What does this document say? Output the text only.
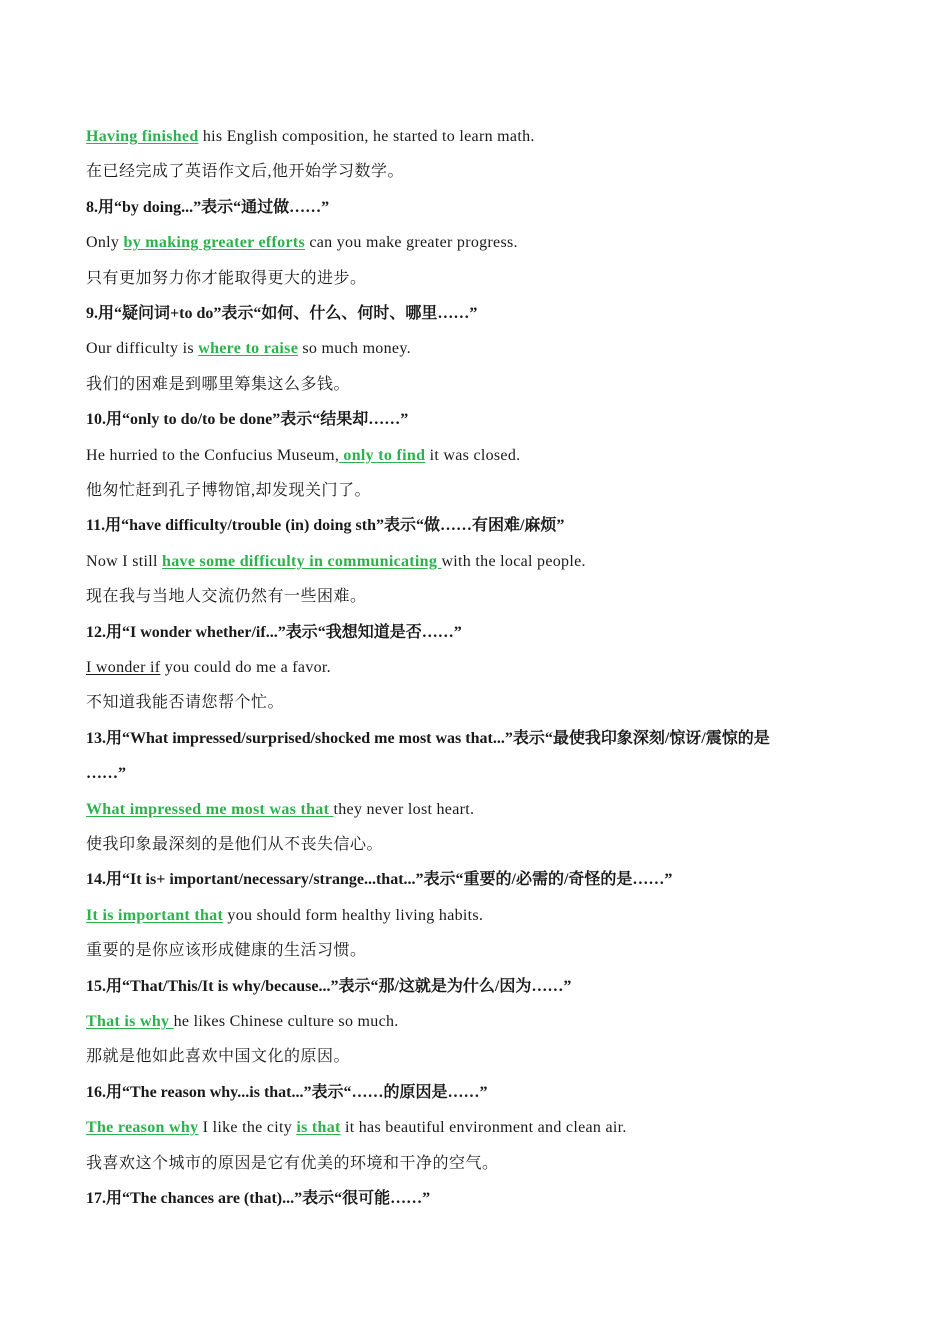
Having finished his English composition, he started to learn math.
在已经完成了英语作文后,他开始学习数学。
8.用“by doing...”表示“通过做……”
Only by making greater efforts can you make greater progress.
只有更加努力你才能取得更大的进步。
9.用“疑问词+to do”表示“如何、什么、何时、哪里……”
Our difficulty is where to raise so much money.
我们的困难是到哪里筹集这么多钱。
10.用“only to do/to be done”表示“结果却……”
He hurried to the Confucius Museum, only to find it was closed.
他匆忙赶到孔子博物馆,却发现关门了。
11.用“have difficulty/trouble (in) doing sth”表示“做……有困难/麻烦”
Now I still have some difficulty in communicating with the local people.
现在我与当地人交流仍然有一些困难。
12.用“I wonder whether/if...”表示“我想知道是否……”
I wonder if you could do me a favor.
不知道我能否请您帮个忙。
13.用“What impressed/surprised/shocked me most was that...”表示“最使我印象深刻/惊讶/震惊的是
……”
What impressed me most was that they never lost heart.
使我印象最深刻的是他们从不丧失信心。
14.用“It is+ important/necessary/strange...that...”表示“重要的/必需的/奇怪的是……”
It is important that you should form healthy living habits.
重要的是你应该形成健康的生活习惯。
15.用“That/This/It is why/because...”表示“那/这就是为什么/因为……”
That is why he likes Chinese culture so much.
那就是他如此喜欢中国文化的原因。
16.用“The reason why...is that...”表示“……的原因是……”
The reason why I like the city is that it has beautiful environment and clean air.
我喜欢这个城市的原因是它有优美的环境和干净的空气。
17.用“The chances are (that)...”表示“很可能……”
